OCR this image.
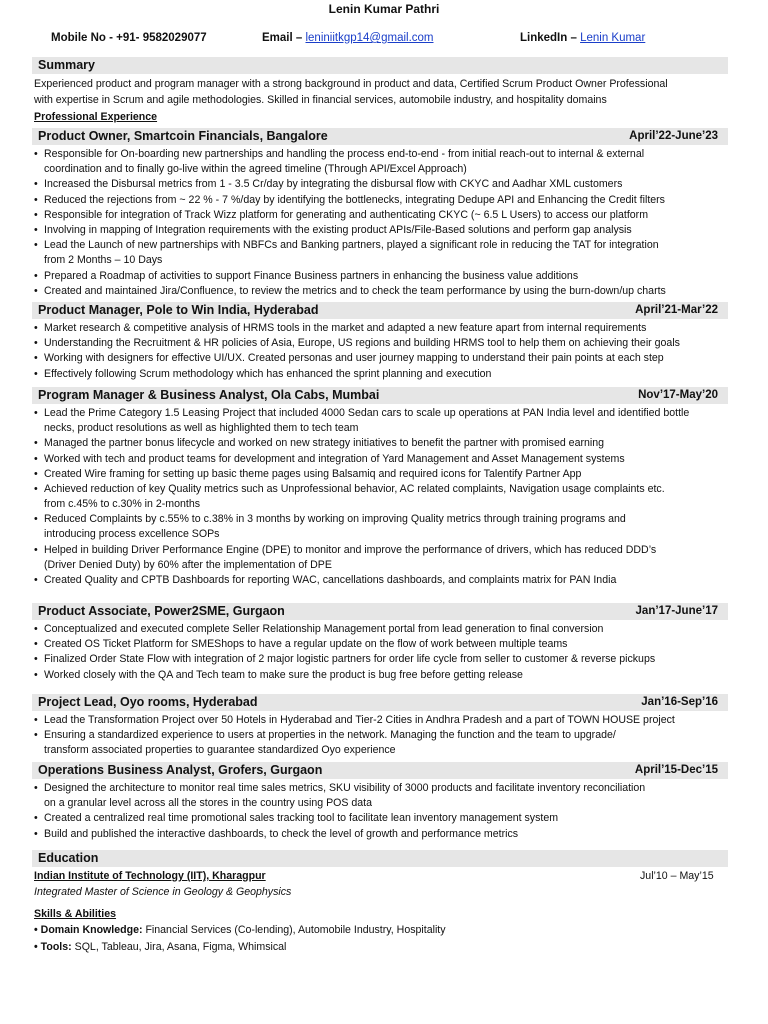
Lenin Kumar Pathri
Mobile No - +91- 9582029077	Email – leniniitkgp14@gmail.com	LinkedIn – Lenin Kumar
Summary
Experienced product and program manager with a strong background in product and data, Certified Scrum Product Owner Professional
with expertise in Scrum and agile methodologies. Skilled in financial services, automobile industry, and hospitality domains
Professional Experience
Product Owner, Smartcoin Financials, Bangalore	April’22-June’23
• Responsible for On-boarding new partnerships and handling the process end-to-end - from initial reach-out to internal & external
coordination and to finally go-live within the agreed timeline (Through API/Excel Approach)
• Increased the Disbursal metrics from 1 - 3.5 Cr/day by integrating the disbursal flow with CKYC and Aadhar XML customers
• Reduced the rejections from ~ 22 % - 7 %/day by identifying the bottlenecks, integrating Dedupe API and Enhancing the Credit filters
• Responsible for integration of Track Wizz platform for generating and authenticating CKYC (~ 6.5 L Users) to access our platform
• Involving in mapping of Integration requirements with the existing product APIs/File-Based solutions and perform gap analysis
• Lead the Launch of new partnerships with NBFCs and Banking partners, played a significant role in reducing the TAT for integration
from 2 Months – 10 Days
• Prepared a Roadmap of activities to support Finance Business partners in enhancing the business value additions
• Created and maintained Jira/Confluence, to review the metrics and to check the team performance by using the burn-down/up charts
Product Manager, Pole to Win India, Hyderabad	April’21-Mar’22
• Market research & competitive analysis of HRMS tools in the market and adapted a new feature apart from internal requirements
• Understanding the Recruitment & HR policies of Asia, Europe, US regions and building HRMS tool to help them on achieving their goals
• Working with designers for effective UI/UX. Created personas and user journey mapping to understand their pain points at each step
• Effectively following Scrum methodology which has enhanced the sprint planning and execution
Program Manager & Business Analyst, Ola Cabs, Mumbai	Nov’17-May’20
• Lead the Prime Category 1.5 Leasing Project that included 4000 Sedan cars to scale up operations at PAN India level and identified bottle
necks, product resolutions as well as highlighted them to tech team
• Managed the partner bonus lifecycle and worked on new strategy initiatives to benefit the partner with promised earning
• Worked with tech and product teams for development and integration of Yard Management and Asset Management systems
• Created Wire framing for setting up basic theme pages using Balsamiq and required icons for Talentify Partner App
• Achieved reduction of key Quality metrics such as Unprofessional behavior, AC related complaints, Navigation usage complaints etc.
from c.45% to c.30% in 2-months
• Reduced Complaints by c.55% to c.38% in 3 months by working on improving Quality metrics through training programs and
introducing process excellence SOPs
• Helped in building Driver Performance Engine (DPE) to monitor and improve the performance of drivers, which has reduced DDD’s
(Driver Denied Duty) by 60% after the implementation of DPE
• Created Quality and CPTB Dashboards for reporting WAC, cancellations dashboards, and complaints matrix for PAN India
Product Associate, Power2SME, Gurgaon	Jan’17-June’17
• Conceptualized and executed complete Seller Relationship Management portal from lead generation to final conversion
• Created OS Ticket Platform for SMEShops to have a regular update on the flow of work between multiple teams
• Finalized Order State Flow with integration of 2 major logistic partners for order life cycle from seller to customer & reverse pickups
• Worked closely with the QA and Tech team to make sure the product is bug free before getting release
Project Lead, Oyo rooms, Hyderabad	Jan’16-Sep’16
• Lead the Transformation Project over 50 Hotels in Hyderabad and Tier-2 Cities in Andhra Pradesh and a part of TOWN HOUSE project
• Ensuring a standardized experience to users at properties in the network. Managing the function and the team to upgrade/
transform associated properties to guarantee standardized Oyo experience
Operations Business Analyst, Grofers, Gurgaon	April’15-Dec’15
• Designed the architecture to monitor real time sales metrics, SKU visibility of 3000 products and facilitate inventory reconciliation
on a granular level across all the stores in the country using POS data
• Created a centralized real time promotional sales tracking tool to facilitate lean inventory management system
• Build and published the interactive dashboards, to check the level of growth and performance metrics
Education
Indian Institute of Technology (IIT), Kharagpur	Jul’10 – May’15
Integrated Master of Science in Geology & Geophysics
Skills & Abilities
• Domain Knowledge: Financial Services (Co-lending), Automobile Industry, Hospitality
• Tools: SQL, Tableau, Jira, Asana, Figma, Whimsical
